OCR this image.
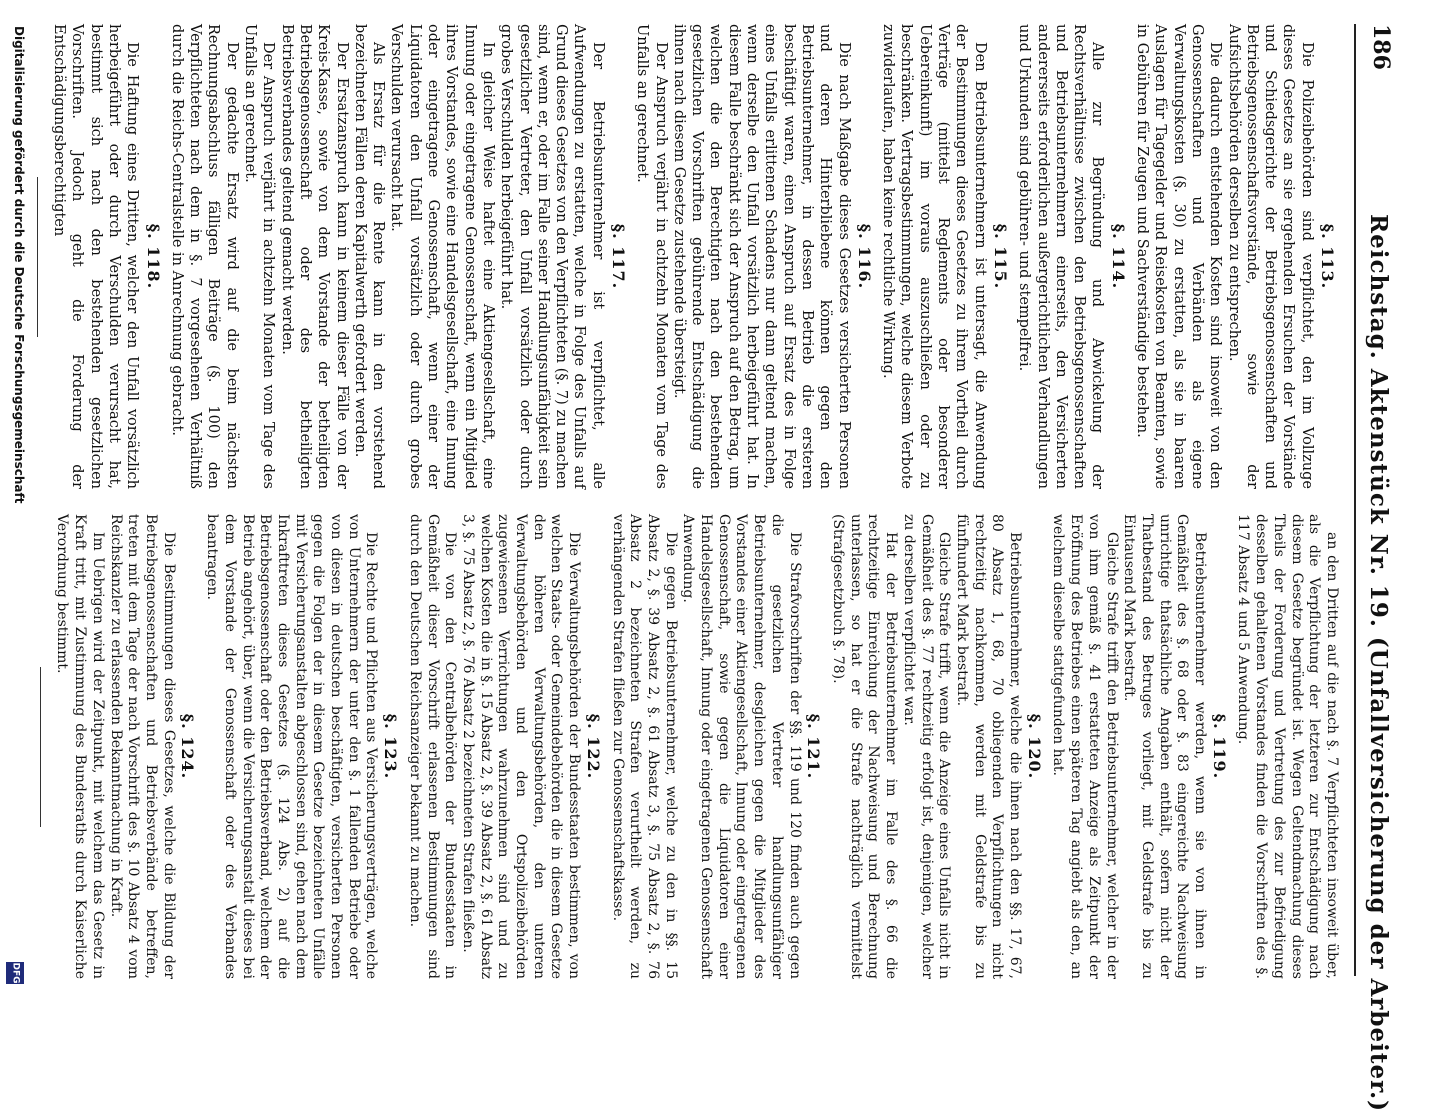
186
Reichstag. Aktenstück Nr. 19. (Unfallversicherung der Arbeiter.)
§. 113.

Die Polizeibehörden sind verpflichtet, den im Vollzuge dieses Gesetzes an sie ergehenden Ersuchen der Vorstände und Schiedsgerichte der Betriebsgenossenschaften und Betriebsgenossenschaftsvorstände, sowie der Aufsichtsbehörden derselben zu entsprechen.

Die dadurch entstehenden Kosten sind insoweit von den Genossenschaften und Verbänden als eigene Verwaltungskosten (§. 30) zu erstatten, als sie in baaren Auslagen für Tagegelder und Reisekosten von Beamten, sowie in Gebühren für Zeugen und Sachverständige bestehen.

§. 114.

Alle zur Begründung und Abwickelung der Rechtsverhältnisse zwischen den Betriebsgenossenschaften und Betriebsunternehmern einerseits, den Versicherten andererseits erforderlichen außergerichtlichen Verhandlungen und Urkunden sind gebühren- und stempelfrei.

§. 115.

Den Betriebsunternehmern ist untersagt, die Anwendung der Bestimmungen dieses Gesetzes zu ihrem Vortheil durch Verträge (mittelst Reglements oder besonderer Uebereinkunft) im voraus auszuschließen oder zu beschränken. Vertragsbestimmungen, welche diesem Verbote zuwiderlaufen, haben keine rechtliche Wirkung.

§. 116.

Die nach Maßgabe dieses Gesetzes versicherten Personen und deren Hinterbliebene können gegen den Betriebsunternehmer, in dessen Betrieb die ersteren beschäftigt waren, einen Anspruch auf Ersatz des in Folge eines Unfalls erlittenen Schadens nur dann geltend machen, wenn derselbe den Unfall vorsätzlich herbeigeführt hat. In diesem Falle beschränkt sich der Anspruch auf den Betrag, um welchen die den Berechtigten nach den bestehenden gesetzlichen Vorschriften gebührende Entschädigung die ihnen nach diesem Gesetze zustehende übersteigt.

Der Anspruch verjährt in achtzehn Monaten vom Tage des Unfalls an gerechnet.

§. 117.

Der Betriebsunternehmer ist verpflichtet, alle Aufwendungen zu erstatten, welche in Folge des Unfalls auf Grund dieses Gesetzes von den Verpflichteten (§. 7) zu machen sind, wenn er, oder im Falle seiner Handlungsunfähigkeit sein gesetzlicher Vertreter, den Unfall vorsätzlich oder durch grobes Verschulden herbeigeführt hat.

In gleicher Weise haftet eine Aktiengesellschaft, eine Innung oder eingetragene Genossenschaft, wenn ein Mitglied ihres Vorstandes, sowie eine Handelsgesellschaft, eine Innung oder eingetragene Genossenschaft, wenn einer der Liquidatoren den Unfall vorsätzlich oder durch grobes Verschulden verursacht hat.

Als Ersatz für die Rente kann in den vorstehend bezeichneten Fällen deren Kapitalwerth gefordert werden.

Der Ersatzanspruch kann in keinem dieser Fälle von der Kreis-Kasse, sowie von dem Vorstande der betheiligten Betriebsgenossenschaft oder des betheiligten Betriebsverbandes geltend gemacht werden.

Der Anspruch verjährt in achtzehn Monaten vom Tage des Unfalls an gerechnet.

Der gedachte Ersatz wird auf die beim nächsten Rechnungsabschluss fälligen Beiträge (§. 100) den Verpflichteten nach dem in §. 7 vorgesehenen Verhältniß durch die Reichs-Centralstelle in Anrechnung gebracht.

§. 118.

Die Haftung eines Dritten, welcher den Unfall vorsätzlich herbeigeführt oder durch Verschulden verursacht hat, bestimmt sich nach den bestehenden gesetzlichen Vorschriften. Jedoch geht die Forderung der Entschädigungsberechtigten

an den Dritten auf die nach §. 7 Verpflichteten insoweit über, als die Verpflichtung der letzteren zur Entschädigung nach diesem Gesetze begründet ist. Wegen Geltendmachung dieses Theils der Forderung und Vertretung des zur Befriedigung desselben gehaltenen Vorstandes finden die Vorschriften des §. 117 Absatz 4 und 5 Anwendung.

§. 119.

Betriebsunternehmer werden, wenn sie von ihnen in Gemäßheit des §. 68 oder §. 83 eingereichte Nachweisung unrichtige thatsächliche Angaben enthält, sofern nicht der Thatbestand des Betruges vorliegt, mit Geldstrafe bis zu Eintausend Mark bestraft.

Gleiche Strafe trifft den Betriebsunternehmer, welcher in der von ihm gemäß §. 41 erstatteten Anzeige als Zeitpunkt der Eröffnung des Betriebes einen späteren Tag angiebt als den, an welchem dieselbe stattgefunden hat.

§. 120.

Betriebsunternehmer, welche die ihnen nach den §§. 17, 67, 80 Absatz 1, 68, 70 obliegenden Verpflichtungen nicht rechtzeitig nachkommen, werden mit Geldstrafe bis zu fünfhundert Mark bestraft.

Gleiche Strafe trifft, wenn die Anzeige eines Unfalls nicht in Gemäßheit des §. 77 rechtzeitig erfolgt ist, denjenigen, welcher zu derselben verpflichtet war.

Hat der Betriebsunternehmer im Falle des §. 66 die rechtzeitige Einreichung der Nachweisung und Berechnung unterlassen, so hat er die Strafe nachträglich vermittelst (Strafgesetzbuch §. 78).

§. 121.

Die Strafvorschriften der §§. 119 und 120 finden auch gegen die gesetzlichen Vertreter handlungsunfähiger Betriebsunternehmer, desgleichen gegen die Mitglieder des Vorstandes einer Aktiengesellschaft, Innung oder eingetragenen Genossenschaft, sowie gegen die Liquidatoren einer Handelsgesellschaft, Innung oder eingetragenen Genossenschaft Anwendung.

Die gegen Betriebsunternehmer, welche zu den in §§. 15 Absatz 2, §. 39 Absatz 2, §. 61 Absatz 3, §. 75 Absatz 2, §. 76 Absatz 2 bezeichneten Strafen verurtheilt werden, zu verhängenden Strafen fließen zur Genossenschaftskasse.

§. 122.

Die Verwaltungsbehörden der Bundesstaaten bestimmen, von welchen Staats- oder Gemeindebehörden die in diesem Gesetze den höheren Verwaltungsbehörden, den unteren Verwaltungsbehörden und den Ortspolizeibehörden zugewiesenen Verrichtungen wahrzunehmen sind und zu welchen Kosten die in §. 15 Absatz 2, §. 39 Absatz 2, §. 61 Absatz 3, §. 75 Absatz 2, §. 76 Absatz 2 bezeichneten Strafen fließen.

Die von den Centralbehörden der Bundesstaaten in Gemäßheit dieser Vorschrift erlassenen Bestimmungen sind durch den Deutschen Reichsanzeiger bekannt zu machen.

§. 123.

Die Rechte und Pflichten aus Versicherungsverträgen, welche von Unternehmern der unter den §. 1 fallenden Betriebe oder von diesen in deutschen beschäftigten, versicherten Personen gegen die Folgen der in diesem Gesetze bezeichneten Unfälle mit Versicherungsanstalten abgeschlossen sind, gehen nach dem Inkrafttreten dieses Gesetzes (§. 124 Abs. 2) auf die Betriebsgenossenschaft oder den Betriebsverband, welchem der Betrieb angehört, über, wenn die Versicherungsanstalt dieses bei dem Vorstande der Genossenschaft oder des Verbandes beantragen.

§. 124.

Die Bestimmungen dieses Gesetzes, welche die Bildung der Betriebsgenossenschaften und Betriebsverbände betreffen, treten mit dem Tage der nach Vorschrift des §. 10 Absatz 4 vom Reichskanzler zu erlassenden Bekanntmachung in Kraft.

Im Uebrigen wird der Zeitpunkt, mit welchem das Gesetz in Kraft tritt, mit Zustimmung des Bundesraths durch Kaiserliche Verordnung bestimmt.

Digitalisierung gefördert durch die Deutsche Forschungsgemeinschaft
DFG
